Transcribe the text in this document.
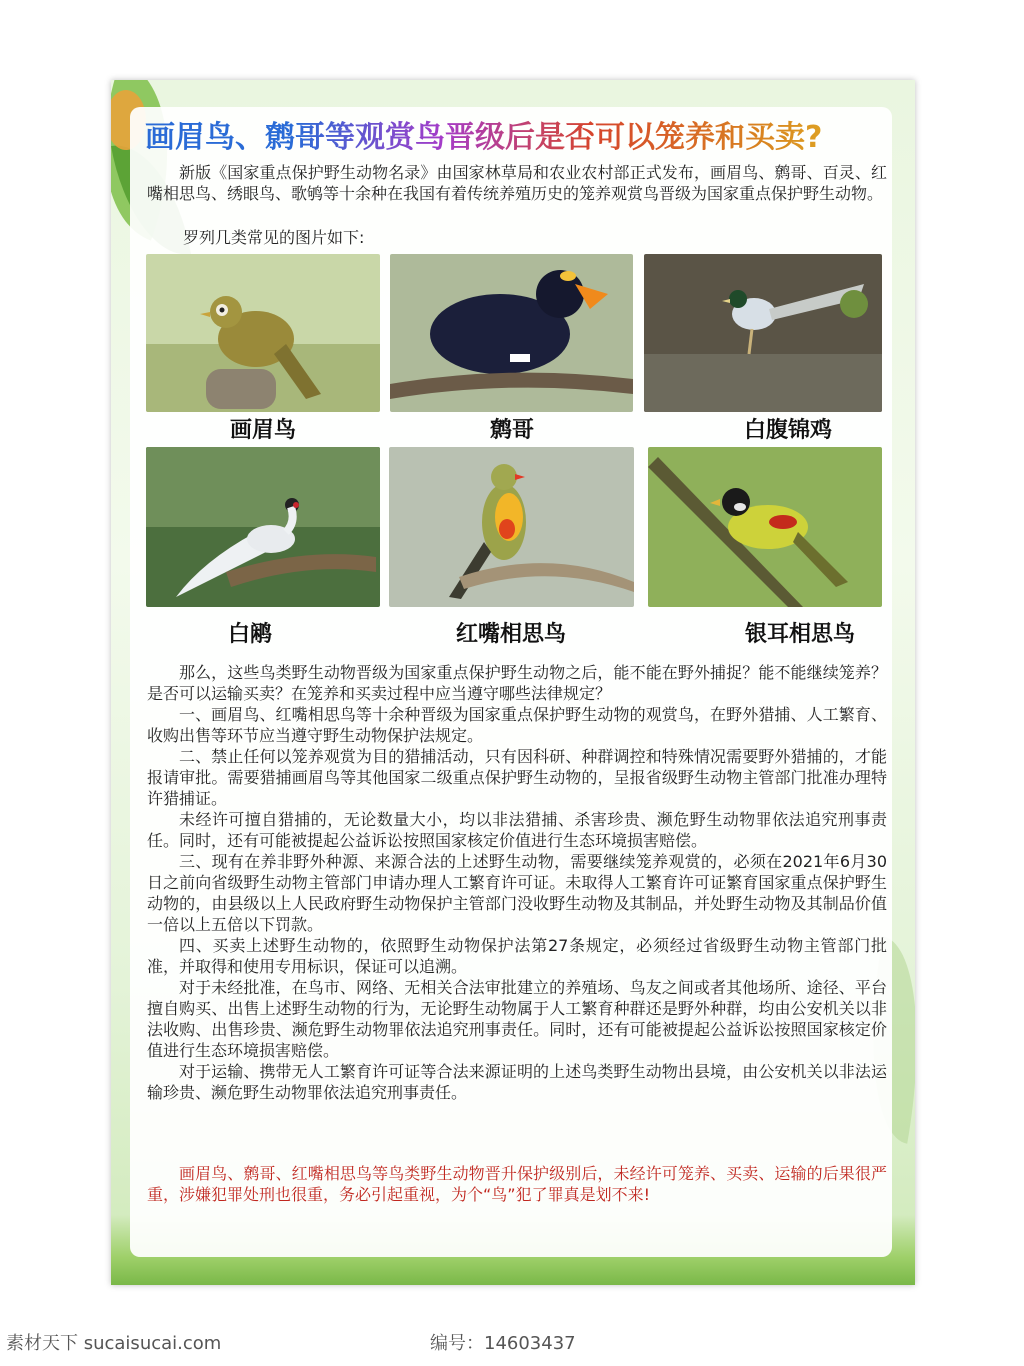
画眉鸟、鹩哥等观赏鸟晋级后是否可以笼养和买卖?

新版《国家重点保护野生动物名录》由国家林草局和农业农村部正式发布，画眉鸟、鹩哥、百灵、红嘴相思鸟、绣眼鸟、歌鸲等十余种在我国有着传统养殖历史的笼养观赏鸟晋级为国家重点保护野生动物。

罗列几类常见的图片如下:
画眉鸟	鹩哥	白腹锦鸡
白鹇	红嘴相思鸟	银耳相思鸟

那么，这些鸟类野生动物晋级为国家重点保护野生动物之后，能不能在野外捕捉？能不能继续笼养？是否可以运输买卖？在笼养和买卖过程中应当遵守哪些法律规定？

一、画眉鸟、红嘴相思鸟等十余种晋级为国家重点保护野生动物的观赏鸟，在野外猎捕、人工繁育、收购出售等环节应当遵守野生动物保护法规定。

二、禁止任何以笼养观赏为目的猎捕活动，只有因科研、种群调控和特殊情况需要野外猎捕的，才能报请审批。需要猎捕画眉鸟等其他国家二级重点保护野生动物的，呈报省级野生动物主管部门批准办理特许猎捕证。

未经许可擅自猎捕的，无论数量大小，均以非法猎捕、杀害珍贵、濒危野生动物罪依法追究刑事责任。同时，还有可能被提起公益诉讼按照国家核定价值进行生态环境损害赔偿。

三、现有在养非野外种源、来源合法的上述野生动物，需要继续笼养观赏的，必须在2021年6月30日之前向省级野生动物主管部门申请办理人工繁育许可证。未取得人工繁育许可证繁育国家重点保护野生动物的，由县级以上人民政府野生动物保护主管部门没收野生动物及其制品，并处野生动物及其制品价值一倍以上五倍以下罚款。

四、买卖上述野生动物的，依照野生动物保护法第27条规定，必须经过省级野生动物主管部门批准，并取得和使用专用标识，保证可以追溯。

对于未经批准，在鸟市、网络、无相关合法审批建立的养殖场、鸟友之间或者其他场所、途径、平台擅自购买、出售上述野生动物的行为，无论野生动物属于人工繁育种群还是野外种群，均由公安机关以非法收购、出售珍贵、濒危野生动物罪依法追究刑事责任。同时，还有可能被提起公益诉讼按照国家核定价值进行生态环境损害赔偿。

对于运输、携带无人工繁育许可证等合法来源证明的上述鸟类野生动物出县境，由公安机关以非法运输珍贵、濒危野生动物罪依法追究刑事责任。

画眉鸟、鹩哥、红嘴相思鸟等鸟类野生动物晋升保护级别后，未经许可笼养、买卖、运输的后果很严重，涉嫌犯罪处刑也很重，务必引起重视，为个“鸟”犯了罪真是划不来!

素材天下 sucaisucai.com	编号：14603437
